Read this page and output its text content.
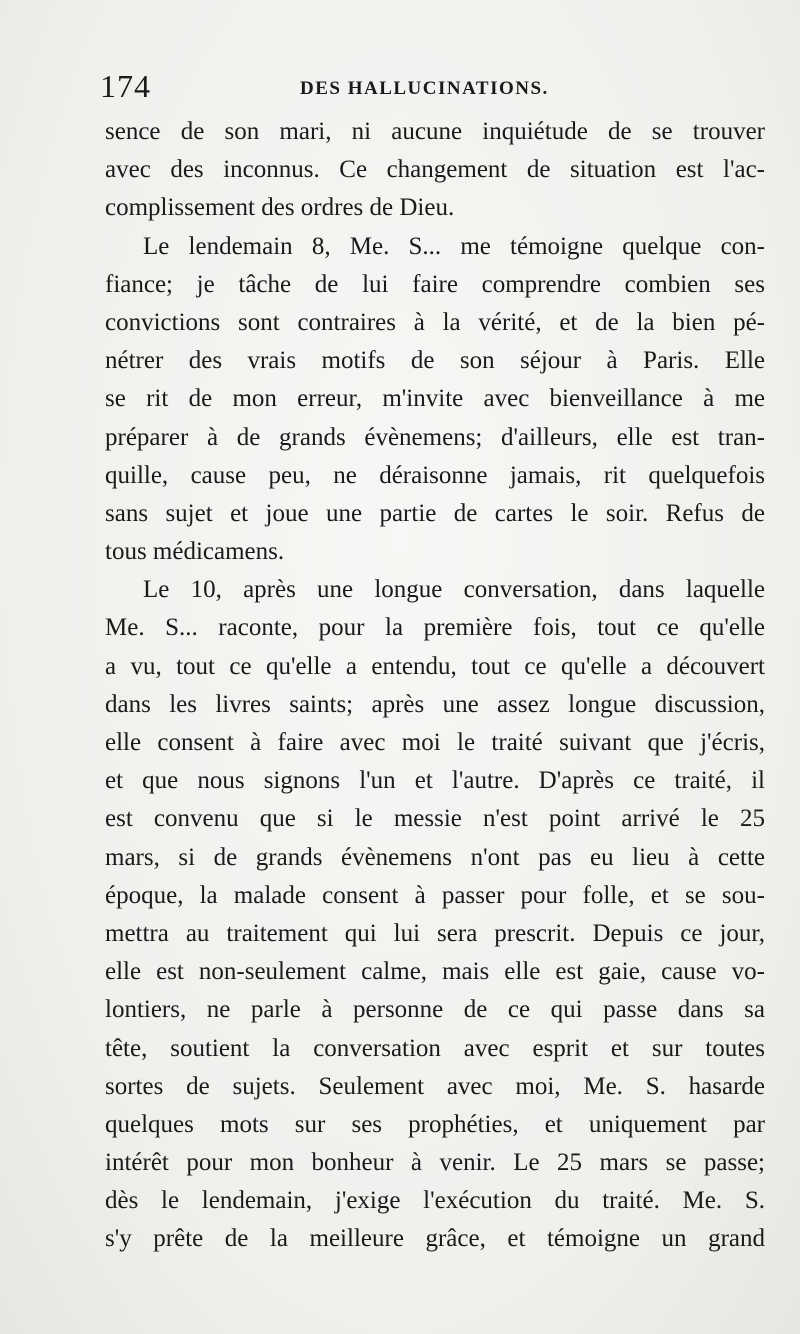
174	DES HALLUCINATIONS.
sence de son mari, ni aucune inquiétude de se trouver
avec des inconnus. Ce changement de situation est l'ac-
complissement des ordres de Dieu.
Le lendemain 8, Me. S... me témoigne quelque con-
fiance; je tâche de lui faire comprendre combien ses
convictions sont contraires à la vérité, et de la bien pé-
nétrer des vrais motifs de son séjour à Paris. Elle
se rit de mon erreur, m'invite avec bienveillance à me
préparer à de grands évènemens; d'ailleurs, elle est tran-
quille, cause peu, ne déraisonne jamais, rit quelquefois
sans sujet et joue une partie de cartes le soir. Refus de
tous médicamens.
Le 10, après une longue conversation, dans laquelle
Me. S... raconte, pour la première fois, tout ce qu'elle
a vu, tout ce qu'elle a entendu, tout ce qu'elle a découvert
dans les livres saints; après une assez longue discussion,
elle consent à faire avec moi le traité suivant que j'écris,
et que nous signons l'un et l'autre. D'après ce traité, il
est convenu que si le messie n'est point arrivé le 25
mars, si de grands évènemens n'ont pas eu lieu à cette
époque, la malade consent à passer pour folle, et se sou-
mettra au traitement qui lui sera prescrit. Depuis ce jour,
elle est non-seulement calme, mais elle est gaie, cause vo-
lontiers, ne parle à personne de ce qui passe dans sa
tête, soutient la conversation avec esprit et sur toutes
sortes de sujets. Seulement avec moi, Me. S. hasarde
quelques mots sur ses prophéties, et uniquement par
intérêt pour mon bonheur à venir. Le 25 mars se passe;
dès le lendemain, j'exige l'exécution du traité. Me. S.
s'y prête de la meilleure grâce, et témoigne un grand
